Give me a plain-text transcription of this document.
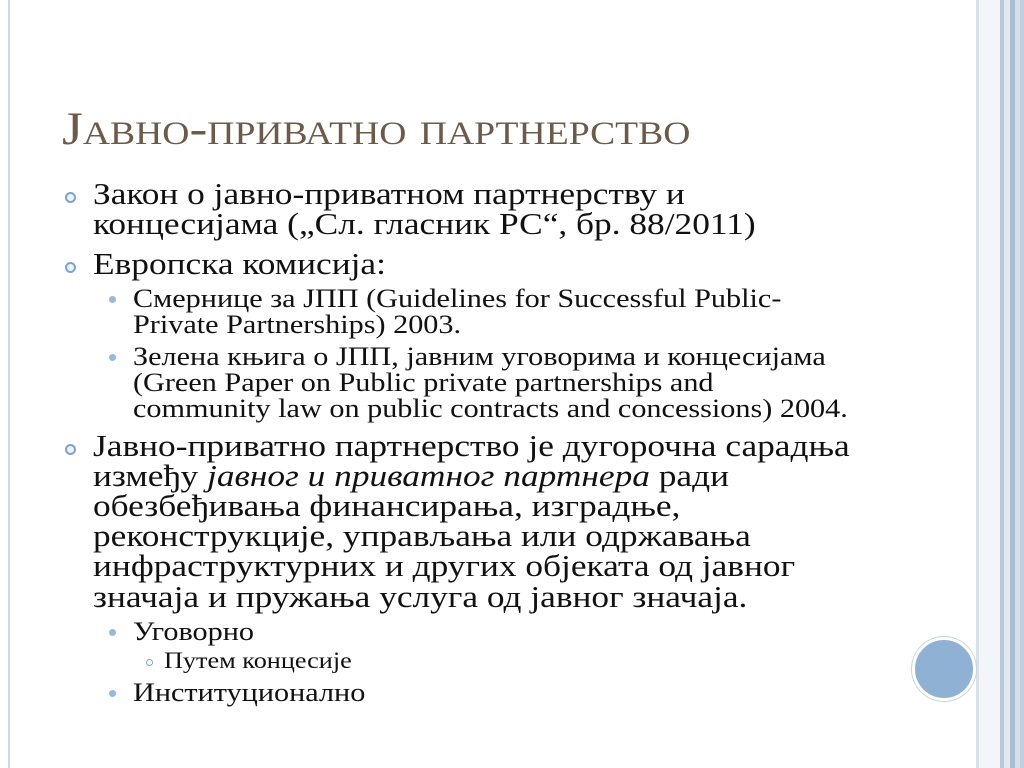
Јавно-приватно партнерство
Закон о јавно-приватном партнерству и
концесијама („Сл. гласник РС“, бр. 88/2011)
Европска комисија:
Смернице за ЈПП (Guidelines for Successful Public-
Private Partnerships) 2003.
Зелена књига о ЈПП, јавним уговорима и концесијама
(Green Paper on Public private partnerships and
community law on public contracts and concessions) 2004.
Јавно-приватно партнерство је дугорочна сарадња
између јавног и приватног партнера ради
обезбеђивања финансирања, изградње,
реконструкције, управљања или одржавања
инфраструктурних и других објеката од јавног
значаја и пружања услуга од јавног значаја.
Уговорно
Путем концесије
Институционално
